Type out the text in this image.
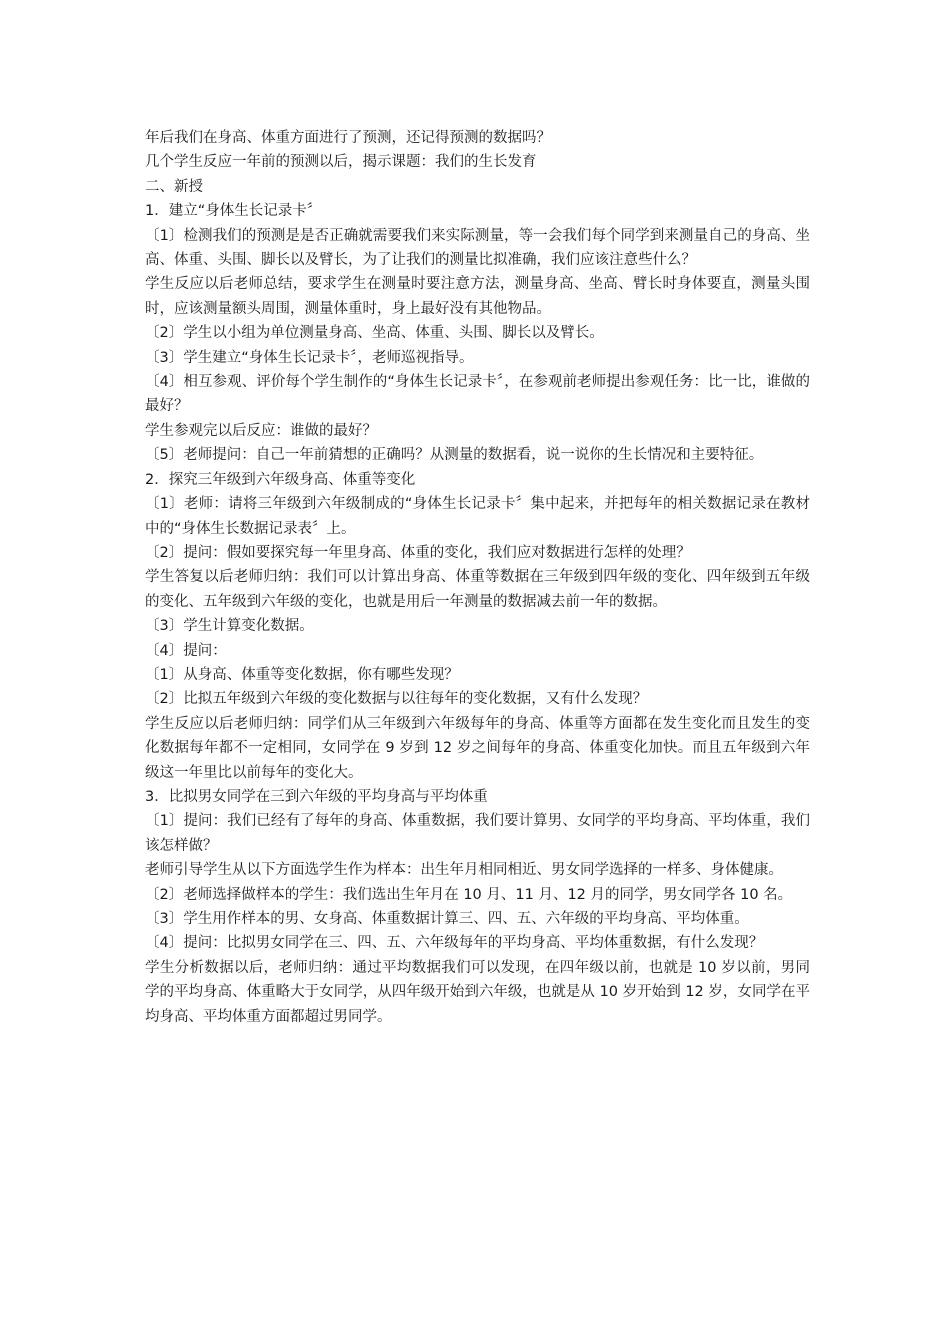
年后我们在身高、体重方面进行了预测，还记得预测的数据吗？

几个学生反应一年前的预测以后，揭示课题：我们的生长发育

二、新授

1．建立“身体生长记录卡〞

〔1〕检测我们的预测是是否正确就需要我们来实际测量，等一会我们每个同学到来测量自己的身高、坐高、体重、头围、脚长以及臂长，为了让我们的测量比拟准确，我们应该注意些什么？

学生反应以后老师总结，要求学生在测量时要注意方法，测量身高、坐高、臂长时身体要直，测量头围时，应该测量额头周围，测量体重时，身上最好没有其他物品。

〔2〕学生以小组为单位测量身高、坐高、体重、头围、脚长以及臂长。

〔3〕学生建立“身体生长记录卡〞，老师巡视指导。

〔4〕相互参观、评价每个学生制作的“身体生长记录卡〞，在参观前老师提出参观任务：比一比，谁做的最好？

学生参观完以后反应：谁做的最好？

〔5〕老师提问：自己一年前猜想的正确吗？从测量的数据看，说一说你的生长情况和主要特征。

2．探究三年级到六年级身高、体重等变化

〔1〕老师：请将三年级到六年级制成的“身体生长记录卡〞集中起来，并把每年的相关数据记录在教材中的“身体生长数据记录表〞上。

〔2〕提问：假如要探究每一年里身高、体重的变化，我们应对数据进行怎样的处理？

学生答复以后老师归纳：我们可以计算出身高、体重等数据在三年级到四年级的变化、四年级到五年级的变化、五年级到六年级的变化，也就是用后一年测量的数据减去前一年的数据。

〔3〕学生计算变化数据。

〔4〕提问：

〔1〕从身高、体重等变化数据，你有哪些发现？

〔2〕比拟五年级到六年级的变化数据与以往每年的变化数据，又有什么发现？

学生反应以后老师归纳：同学们从三年级到六年级每年的身高、体重等方面都在发生变化而且发生的变化数据每年都不一定相同，女同学在 9 岁到 12 岁之间每年的身高、体重变化加快。而且五年级到六年级这一年里比以前每年的变化大。

3．比拟男女同学在三到六年级的平均身高与平均体重

〔1〕提问：我们已经有了每年的身高、体重数据，我们要计算男、女同学的平均身高、平均体重，我们该怎样做？

老师引导学生从以下方面选学生作为样本：出生年月相同相近、男女同学选择的一样多、身体健康。

〔2〕老师选择做样本的学生：我们选出生年月在 10 月、11 月、12 月的同学，男女同学各 10 名。

〔3〕学生用作样本的男、女身高、体重数据计算三、四、五、六年级的平均身高、平均体重。

〔4〕提问：比拟男女同学在三、四、五、六年级每年的平均身高、平均体重数据，有什么发现？

学生分析数据以后，老师归纳：通过平均数据我们可以发现，在四年级以前，也就是 10 岁以前，男同学的平均身高、体重略大于女同学，从四年级开始到六年级，也就是从 10 岁开始到 12 岁，女同学在平均身高、平均体重方面都超过男同学。
